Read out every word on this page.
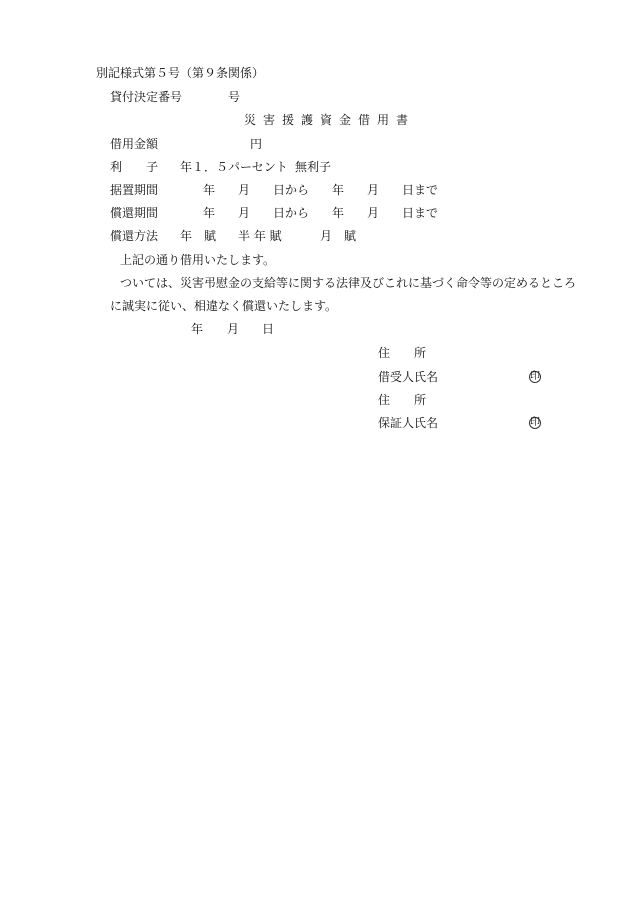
別記様式第５号（第９条関係）
貸付決定番号	号
災害援護資金借用書
借用金額	円
利　　子 年１．５パーセント 無利子
据置期間	年 月 日から 年 月 日まで
償還期間	年 月 日から 年 月 日まで
償還方法 年　賦 半 年 賦	月　賦
上記の通り借用いたします。
ついては、災害弔慰金の支給等に関する法律及びこれに基づく命令等の定めるところ
に誠実に従い、相違なく償還いたします。
年 月 日
住　　所
借受人氏名	印
住　　所
保証人氏名	印
